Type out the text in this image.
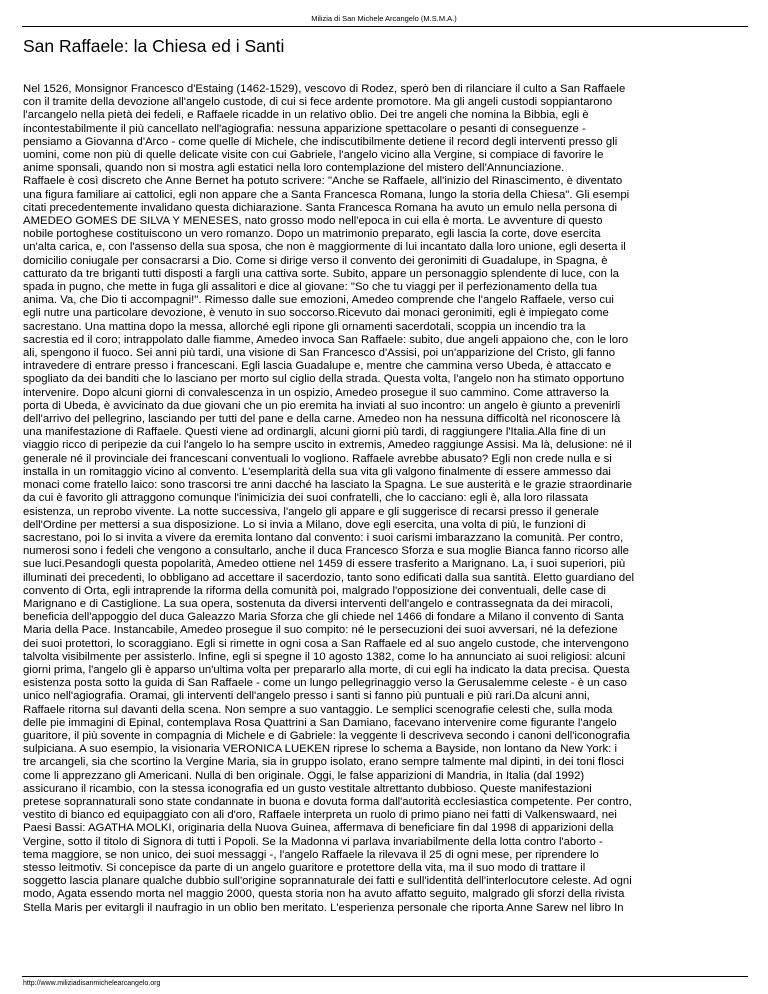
Milizia di San Michele Arcangelo (M.S.M.A.)
San Raffaele: la Chiesa ed i Santi

Nel 1526, Monsignor Francesco d'Estaing (1462-1529), vescovo di Rodez, sperò ben di rilanciare il culto a San Raffaele
con il tramite della devozione all'angelo custode, di cui si fece ardente promotore. Ma gli angeli custodi soppiantarono
l'arcangelo nella pietà dei fedeli, e Raffaele ricadde in un relativo oblio. Dei tre angeli che nomina la Bibbia, egli è
incontestabilmente il più cancellato nell'agiografia: nessuna apparizione spettacolare o pesanti di conseguenze -
pensiamo a Giovanna d'Arco - come quelle di Michele, che indiscutibilmente detiene il record degli interventi presso gli
uomini, come non più di quelle delicate visite con cui Gabriele, l'angelo vicino alla Vergine, si compiace di favorire le
anime sponsali, quando non si mostra agli estatici nella loro contemplazione del mistero dell'Annunciazione.
Raffaele è così discreto che Anne Bernet ha potuto scrivere: "Anche se Raffaele, all'inizio del Rinascimento, è diventato
una figura familiare ai cattolici, egli non appare che a Santa Francesca Romana, lungo la storia della Chiesa". Gli esempi
citati precedentemente invalidano questa dichiarazione. Santa Francesca Romana ha avuto un emulo nella persona di
AMEDEO GOMES DE SILVA Y MENESES, nato grosso modo nell'epoca in cui ella è morta. Le avventure di questo
nobile portoghese costituiscono un vero romanzo. Dopo un matrimonio preparato, egli lascia la corte, dove esercita
un'alta carica, e, con l'assenso della sua sposa, che non è maggiormente di lui incantato dalla loro unione, egli deserta il
domicilio coniugale per consacrarsi a Dio. Come si dirige verso il convento dei geronimiti di Guadalupe, in Spagna, è
catturato da tre briganti tutti disposti a fargli una cattiva sorte. Subito, appare un personaggio splendente di luce, con la
spada in pugno, che mette in fuga gli assalitori e dice al giovane: "So che tu viaggi per il perfezionamento della tua
anima. Va, che Dio ti accompagni!". Rimesso dalle sue emozioni, Amedeo comprende che l'angelo Raffaele, verso cui
egli nutre una particolare devozione, è venuto in suo soccorso.Ricevuto dai monaci geronimiti, egli è impiegato come
sacrestano. Una mattina dopo la messa, allorché egli ripone gli ornamenti sacerdotali, scoppia un incendio tra la
sacrestia ed il coro; intrappolato dalle fiamme, Amedeo invoca San Raffaele: subito, due angeli appaiono che, con le loro
ali, spengono il fuoco. Sei anni più tardi, una visione di San Francesco d'Assisi, poi un'apparizione del Cristo, gli fanno
intravedere di entrare presso i francescani. Egli lascia Guadalupe e, mentre che cammina verso Ubeda, è attaccato e
spogliato da dei banditi che lo lasciano per morto sul ciglio della strada. Questa volta, l'angelo non ha stimato opportuno
intervenire. Dopo alcuni giorni di convalescenza in un ospizio, Amedeo prosegue il suo cammino. Come attraverso la
porta di Ubeda, è avvicinato da due giovani che un pio eremita ha inviati al suo incontro: un angelo è giunto a prevenirli
dell'arrivo del pellegrino, lasciando per tutti del pane e della carne. Amedeo non ha nessuna difficoltà nel riconoscere là
una manifestazione di Raffaele. Questi viene ad ordinargli, alcuni giorni più tardi, di raggiungere l'Italia.Alla fine di un
viaggio ricco di peripezie da cui l'angelo lo ha sempre uscito in extremis, Amedeo raggiunge Assisi. Ma là, delusione: né il
generale né il provinciale dei francescani conventuali lo vogliono. Raffaele avrebbe abusato? Egli non crede nulla e si
installa in un romitaggio vicino al convento. L'esemplarità della sua vita gli valgono finalmente di essere ammesso dai
monaci come fratello laico: sono trascorsi tre anni dacché ha lasciato la Spagna. Le sue austerità e le grazie straordinarie
da cui è favorito gli attraggono comunque l'inimicizia dei suoi confratelli, che lo cacciano: egli è, alla loro rilassata
esistenza, un reprobo vivente. La notte successiva, l'angelo gli appare e gli suggerisce di recarsi presso il generale
dell'Ordine per mettersi a sua disposizione. Lo si invia a Milano, dove egli esercita, una volta di più, le funzioni di
sacrestano, poi lo si invita a vivere da eremita lontano dal convento: i suoi carismi imbarazzano la comunità. Per contro,
numerosi sono i fedeli che vengono a consultarlo, anche il duca Francesco Sforza e sua moglie Bianca fanno ricorso alle
sue luci.Pesandogli questa popolarità, Amedeo ottiene nel 1459 di essere trasferito a Marignano. La, i suoi superiori, più
illuminati dei precedenti, lo obbligano ad accettare il sacerdozio, tanto sono edificati dalla sua santità. Eletto guardiano del
convento di Orta, egli intraprende la riforma della comunità poi, malgrado l'opposizione dei conventuali, delle case di
Marignano e di Castiglione. La sua opera, sostenuta da diversi interventi dell'angelo e contrassegnata da dei miracoli,
beneficia dell'appoggio del duca Galeazzo Maria Sforza che gli chiede nel 1466 di fondare a Milano il convento di Santa
Maria della Pace. Instancabile, Amedeo prosegue il suo compito: né le persecuzioni dei suoi avversari, né la defezione
dei suoi protettori, lo scoraggiano. Egli si rimette in ogni cosa a San Raffaele ed al suo angelo custode, che intervengono
talvolta visibilmente per assisterlo. Infine, egli si spegne il 10 agosto 1382, come lo ha annunciato ai suoi religiosi: alcuni
giorni prima, l'angelo gli è apparso un'ultima volta per prepararlo alla morte, di cui egli ha indicato la data precisa. Questa
esistenza posta sotto la guida di San Raffaele - come un lungo pellegrinaggio verso la Gerusalemme celeste - è un caso
unico nell'agiografia. Oramai, gli interventi dell'angelo presso i santi si fanno più puntuali e più rari.Da alcuni anni,
Raffaele ritorna sul davanti della scena. Non sempre a suo vantaggio. Le semplici scenografie celesti che, sulla moda
delle pie immagini di Epinal, contemplava Rosa Quattrini a San Damiano, facevano intervenire come figurante l'angelo
guaritore, il più sovente in compagnia di Michele e di Gabriele: la veggente li descriveva secondo i canoni dell'iconografia
sulpiciana. A suo esempio, la visionaria VERONICA LUEKEN riprese lo schema a Bayside, non lontano da New York: i
tre arcangeli, sia che scortino la Vergine Maria, sia in gruppo isolato, erano sempre talmente mal dipinti, in dei toni flosci
come li apprezzano gli Americani. Nulla di ben originale. Oggi, le false apparizioni di Mandria, in Italia (dal 1992)
assicurano il ricambio, con la stessa iconografia ed un gusto vestitale altrettanto dubbioso. Queste manifestazioni
pretese soprannaturali sono state condannate in buona e dovuta forma dall'autorità ecclesiastica competente. Per contro,
vestito di bianco ed equipaggiato con ali d'oro, Raffaele interpreta un ruolo di primo piano nei fatti di Valkenswaard, nei
Paesi Bassi: AGATHA MOLKI, originaria della Nuova Guinea, affermava di beneficiare fin dal 1998 di apparizioni della
Vergine, sotto il titolo di Signora di tutti i Popoli. Se la Madonna vi parlava invariabilmente della lotta contro l'aborto -
tema maggiore, se non unico, dei suoi messaggi -, l'angelo Raffaele la rilevava il 25 di ogni mese, per riprendere lo
stesso leitmotiv. Si concepisce da parte di un angelo guaritore e protettore della vita, ma il suo modo di trattare il
soggetto lascia planare qualche dubbio sull'origine soprannaturale dei fatti e sull'identità dell'interlocutore celeste. Ad ogni
modo, Agata essendo morta nel maggio 2000, questa storia non ha avuto affatto seguito, malgrado gli sforzi della rivista
Stella Maris per evitargli il naufragio in un oblio ben meritato. L'esperienza personale che riporta Anne Sarew nel libro In

http://www.miliziadisanmichelearcangelo.org
